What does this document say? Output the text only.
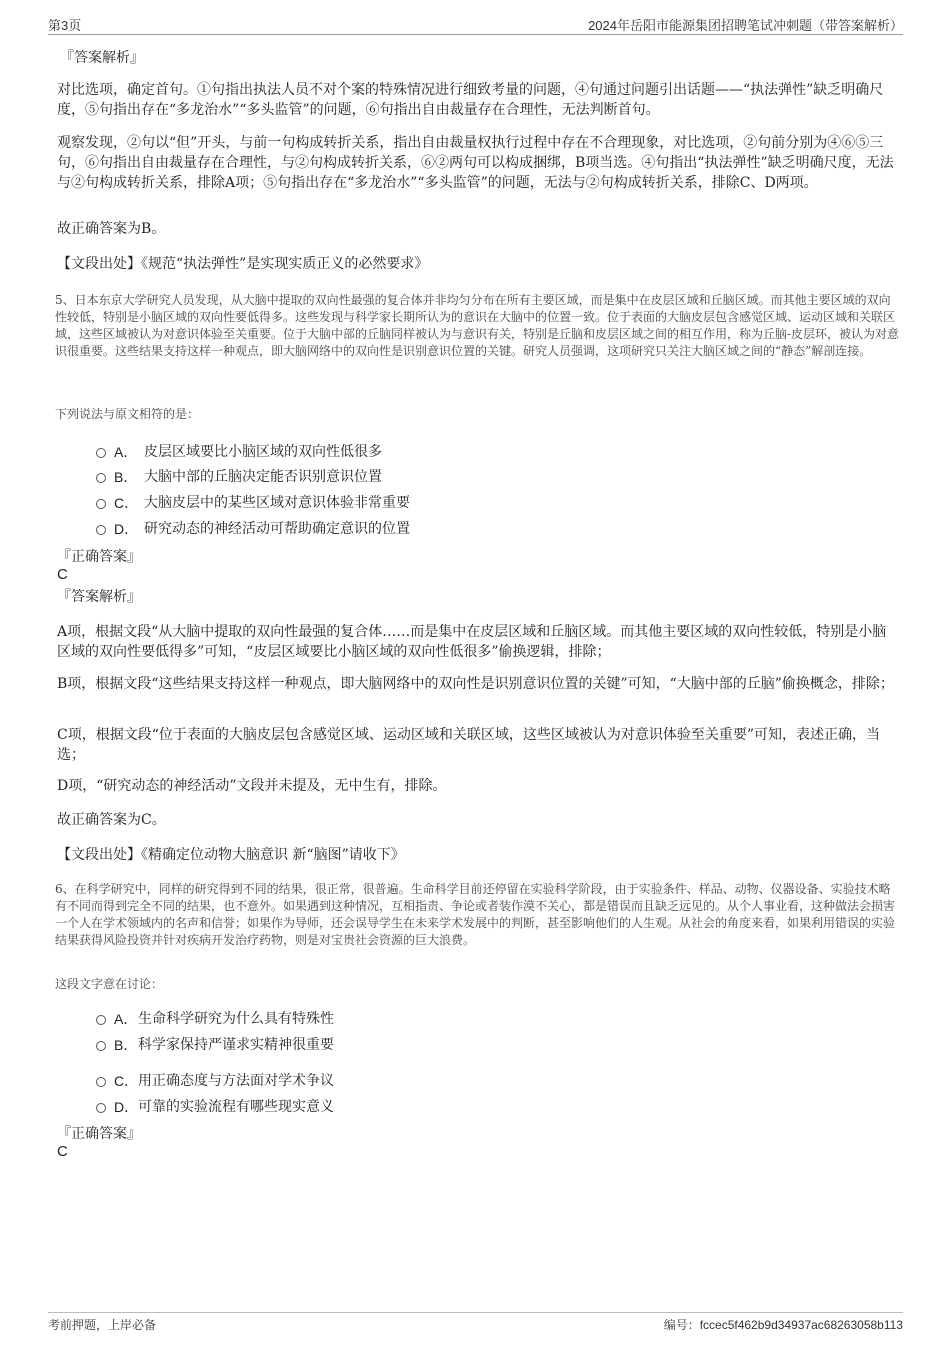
第3页	2024年岳阳市能源集团招聘笔试冲刺题（带答案解析）
『答案解析』
对比选项，确定首句。①句指出执法人员不对个案的特殊情况进行细致考量的问题，④句通过问题引出话题——“执法弹性”缺乏明确尺度，⑤句指出存在“多龙治水”“多头监管”的问题，⑥句指出自由裁量存在合理性，无法判断首句。
观察发现，②句以“但”开头，与前一句构成转折关系，指出自由裁量权执行过程中存在不合理现象，对比选项，②句前分别为④⑥⑤三句，⑥句指出自由裁量存在合理性，与②句构成转折关系，⑥②两句可以构成捆绑，B项当选。④句指出“执法弹性”缺乏明确尺度，无法与②句构成转折关系，排除A项；⑤句指出存在“多龙治水”“多头监管”的问题，无法与②句构成转折关系，排除C、D两项。
故正确答案为B。
【文段出处】《规范“执法弹性”是实现实质正义的必然要求》
5、日本东京大学研究人员发现，从大脑中提取的双向性最强的复合体并非均匀分布在所有主要区域，而是集中在皮层区域和丘脑区域。而其他主要区域的双向性较低，特别是小脑区域的双向性要低得多。这些发现与科学家长期所认为的意识在大脑中的位置一致。位于表面的大脑皮层包含感觉区域、运动区域和关联区域，这些区域被认为对意识体验至关重要。位于大脑中部的丘脑同样被认为与意识有关，特别是丘脑和皮层区域之间的相互作用，称为丘脑-皮层环，被认为对意识很重要。这些结果支持这样一种观点，即大脑网络中的双向性是识别意识位置的关键。研究人员强调，这项研究只关注大脑区域之间的“静态”解剖连接。
下列说法与原文相符的是：
A． 皮层区域要比小脑区域的双向性低很多
B． 大脑中部的丘脑决定能否识别意识位置
C． 大脑皮层中的某些区域对意识体验非常重要
D． 研究动态的神经活动可帮助确定意识的位置
『正确答案』
C
『答案解析』
A项，根据文段“从大脑中提取的双向性最强的复合体……而是集中在皮层区域和丘脑区域。而其他主要区域的双向性较低，特别是小脑区域的双向性要低得多”可知，“皮层区域要比小脑区域的双向性低很多”偷换逻辑，排除；
B项，根据文段“这些结果支持这样一种观点，即大脑网络中的双向性是识别意识位置的关键”可知，“大脑中部的丘脑”偷换概念，排除；
C项，根据文段“位于表面的大脑皮层包含感觉区域、运动区域和关联区域，这些区域被认为对意识体验至关重要”可知，表述正确，当选；
D项，“研究动态的神经活动”文段并未提及，无中生有，排除。
故正确答案为C。
【文段出处】《精确定位动物大脑意识 新“脑图”请收下》
6、在科学研究中，同样的研究得到不同的结果，很正常，很普遍。生命科学目前还停留在实验科学阶段，由于实验条件、样品、动物、仪器设备、实验技术略有不同而得到完全不同的结果，也不意外。如果遇到这种情况，互相指责、争论或者装作漠不关心，都是错误而且缺乏远见的。从个人事业看，这种做法会损害一个人在学术领域内的名声和信誉；如果作为导师，还会误导学生在未来学术发展中的判断，甚至影响他们的人生观。从社会的角度来看，如果利用错误的实验结果获得风险投资并针对疾病开发治疗药物，则是对宝贵社会资源的巨大浪费。
这段文字意在讨论：
A． 生命科学研究为什么具有特殊性
B． 科学家保持严谨求实精神很重要
C． 用正确态度与方法面对学术争议
D． 可靠的实验流程有哪些现实意义
『正确答案』
C
考前押题，上岸必备	编号：fccec5f462b9d34937ac68263058b113
